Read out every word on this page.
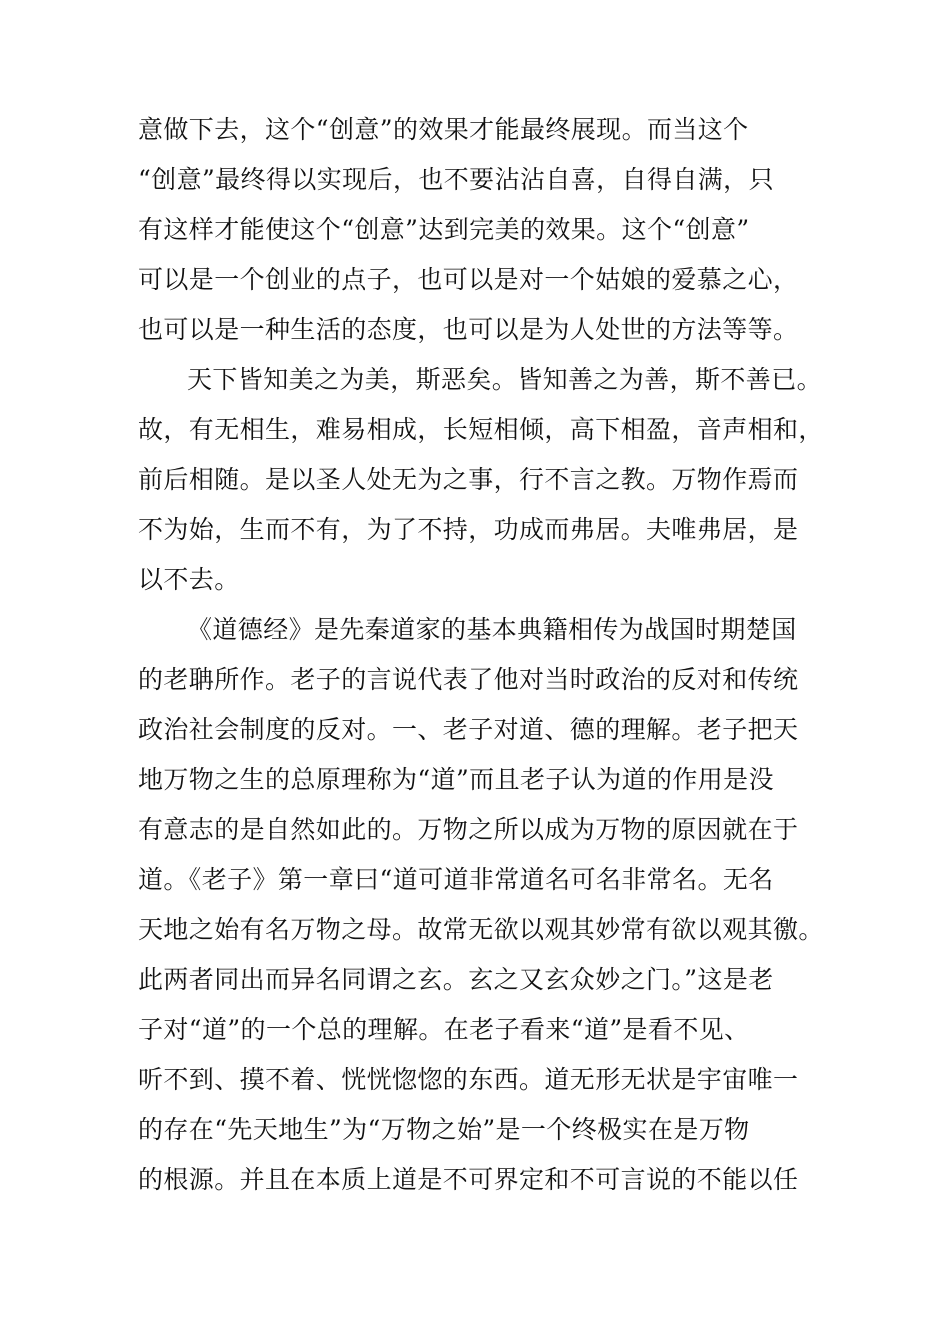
意做下去，这个“创意”的效果才能最终展现。而当这个
“创意”最终得以实现后，也不要沾沾自喜，自得自满，只
有这样才能使这个“创意”达到完美的效果。这个“创意”
可以是一个创业的点子，也可以是对一个姑娘的爱慕之心，
也可以是一种生活的态度，也可以是为人处世的方法等等。
天下皆知美之为美，斯恶矣。皆知善之为善，斯不善已。
故，有无相生，难易相成，长短相倾，高下相盈，音声相和，
前后相随。是以圣人处无为之事，行不言之教。万物作焉而
不为始，生而不有，为了不持，功成而弗居。夫唯弗居，是
以不去。
《道德经》是先秦道家的基本典籍相传为战国时期楚国
的老聃所作。老子的言说代表了他对当时政治的反对和传统
政治社会制度的反对。一、老子对道、德的理解。老子把天
地万物之生的总原理称为“道”而且老子认为道的作用是没
有意志的是自然如此的。万物之所以成为万物的原因就在于
道。《老子》第一章曰“道可道非常道名可名非常名。无名
天地之始有名万物之母。故常无欲以观其妙常有欲以观其徼。
此两者同出而异名同谓之玄。玄之又玄众妙之门。”这是老
子对“道”的一个总的理解。在老子看来“道”是看不见、
听不到、摸不着、恍恍惚惚的东西。道无形无状是宇宙唯一
的存在“先天地生”为“万物之始”是一个终极实在是万物
的根源。并且在本质上道是不可界定和不可言说的不能以任
